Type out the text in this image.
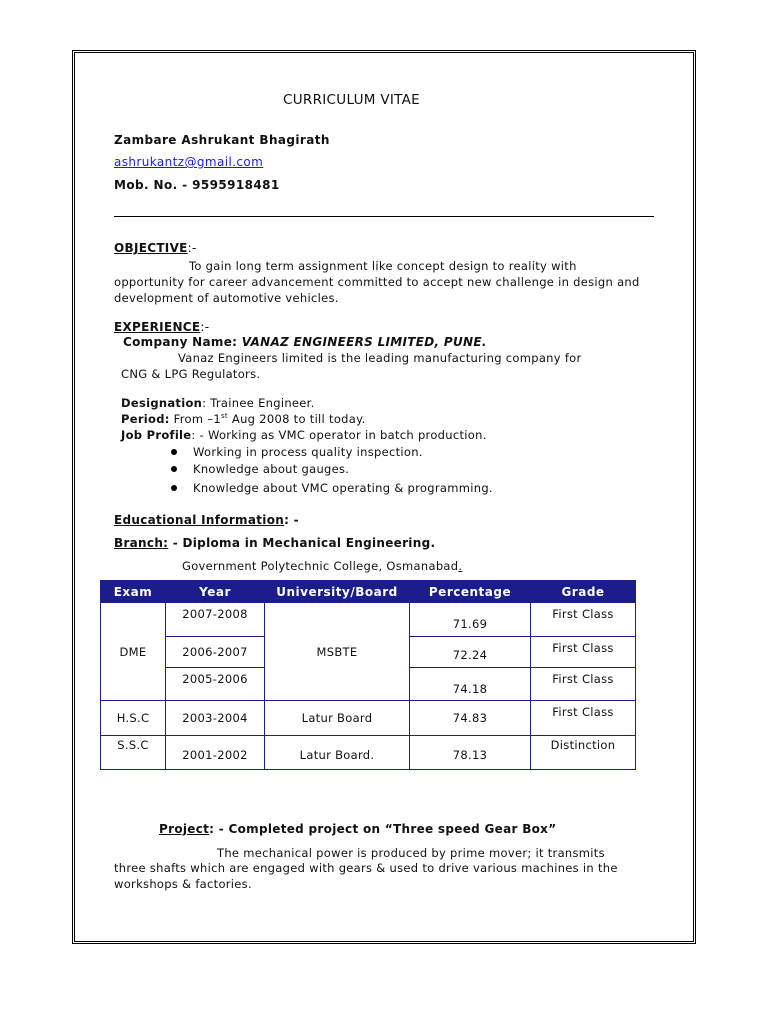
CURRICULUM VITAE
Zambare Ashrukant Bhagirath
ashrukantz@gmail.com
Mob. No. - 9595918481
OBJECTIVE:-
To gain long term assignment like concept design to reality with
opportunity for career advancement committed to accept new challenge in design and development of automotive vehicles.
EXPERIENCE:-
Company Name: VANAZ ENGINEERS LIMITED, PUNE.
Vanaz Engineers limited is the leading manufacturing company for
CNG & LPG Regulators.
Designation: Trainee Engineer.
Period: From –1st Aug 2008 to till today.
Job Profile: - Working as VMC operator in batch production.
Working in process quality inspection.
Knowledge about gauges.
Knowledge about VMC operating & programming.
Educational Information: -
Branch: - Diploma in Mechanical Engineering.
Government Polytechnic College, Osmanabad.
Exam	Year	University/Board	Percentage	Grade
DME	2007-2008	MSBTE	71.69	First Class
	2006-2007		72.24	First Class
	2005-2006		74.18	First Class
H.S.C	2003-2004	Latur Board	74.83	First Class
S.S.C	2001-2002	Latur Board.	78.13	Distinction
Project: - Completed project on “Three speed Gear Box”
The mechanical power is produced by prime mover; it transmits
three shafts which are engaged with gears & used to drive various machines in the workshops & factories.
